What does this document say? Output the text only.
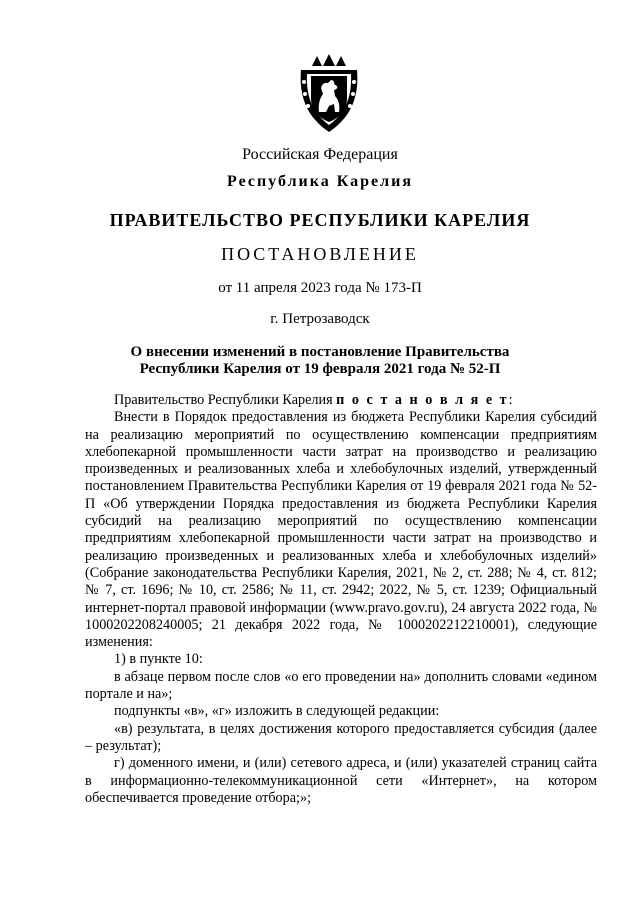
Российская Федерация
Республика Карелия
ПРАВИТЕЛЬСТВО РЕСПУБЛИКИ КАРЕЛИЯ
ПОСТАНОВЛЕНИЕ
от 11 апреля 2023 года № 173-П
г. Петрозаводск
О внесении изменений в постановление Правительства
Республики Карелия от 19 февраля 2021 года № 52-П

Правительство Республики Карелия п о с т а н о в л я е т:

Внести в Порядок предоставления из бюджета Республики Карелия субсидий на реализацию мероприятий по осуществлению компенсации предприятиям хлебопекарной промышленности части затрат на производство и реализацию произведенных и реализованных хлеба и хлебобулочных изделий, утвержденный постановлением Правительства Республики Карелия от 19 февраля 2021 года № 52-П «Об утверждении Порядка предоставления из бюджета Республики Карелия субсидий на реализацию мероприятий по осуществлению компенсации предприятиям хлебопекарной промышленности части затрат на производство и реализацию произведенных и реализованных хлеба и хлебобулочных изделий» (Собрание законодательства Республики Карелия, 2021, № 2, ст. 288; № 4, ст. 812; № 7, ст. 1696; № 10, ст. 2586; № 11, ст. 2942; 2022, № 5, ст. 1239; Официальный интернет-портал правовой информации (www.pravo.gov.ru), 24 августа 2022 года, № 1000202208240005; 21 декабря 2022 года, № 1000202212210001), следующие изменения:

1) в пункте 10:

в абзаце первом после слов «о его проведении на» дополнить словами «едином портале и на»;

подпункты «в», «г» изложить в следующей редакции:

«в) результата, в целях достижения которого предоставляется субсидия (далее – результат);

г) доменного имени, и (или) сетевого адреса, и (или) указателей страниц сайта в информационно-телекоммуникационной сети «Интернет», на котором обеспечивается проведение отбора;»;
